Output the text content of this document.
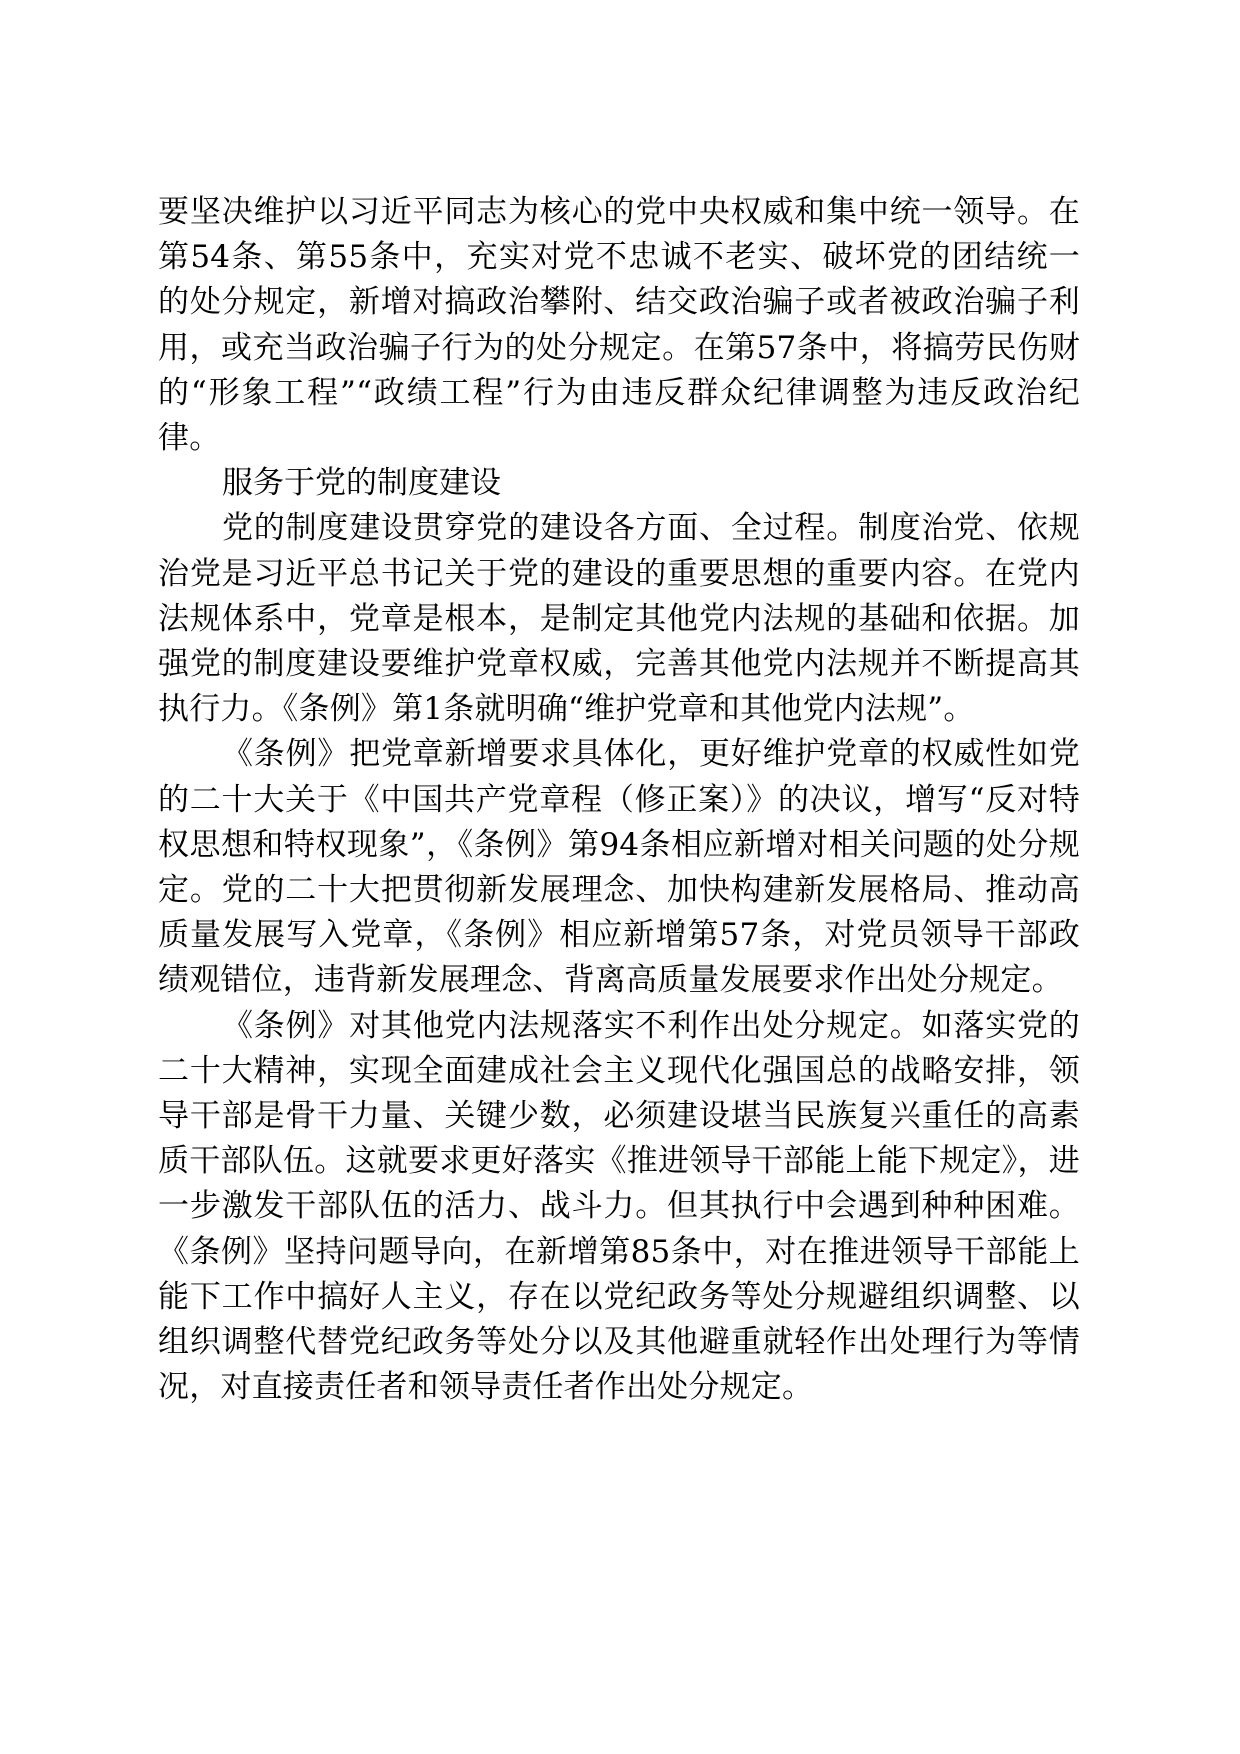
要坚决维护以习近平同志为核心的党中央权威和集中统一领导。在第54条、第55条中，充实对党不忠诚不老实、破坏党的团结统一的处分规定，新增对搞政治攀附、结交政治骗子或者被政治骗子利用，或充当政治骗子行为的处分规定。在第57条中，将搞劳民伤财的“形象工程”“政绩工程”行为由违反群众纪律调整为违反政治纪律。

服务于党的制度建设

党的制度建设贯穿党的建设各方面、全过程。制度治党、依规治党是习近平总书记关于党的建设的重要思想的重要内容。在党内法规体系中，党章是根本，是制定其他党内法规的基础和依据。加强党的制度建设要维护党章权威，完善其他党内法规并不断提高其执行力。《条例》第1条就明确“维护党章和其他党内法规”。

《条例》把党章新增要求具体化，更好维护党章的权威性如党的二十大关于《中国共产党章程（修正案）》的决议，增写“反对特权思想和特权现象”，《条例》第94条相应新增对相关问题的处分规定。党的二十大把贯彻新发展理念、加快构建新发展格局、推动高质量发展写入党章，《条例》相应新增第57条，对党员领导干部政绩观错位，违背新发展理念、背离高质量发展要求作出处分规定。

《条例》对其他党内法规落实不利作出处分规定。如落实党的二十大精神，实现全面建成社会主义现代化强国总的战略安排，领导干部是骨干力量、关键少数，必须建设堪当民族复兴重任的高素质干部队伍。这就要求更好落实《推进领导干部能上能下规定》，进一步激发干部队伍的活力、战斗力。但其执行中会遇到种种困难。《条例》坚持问题导向，在新增第85条中，对在推进领导干部能上能下工作中搞好人主义，存在以党纪政务等处分规避组织调整、以组织调整代替党纪政务等处分以及其他避重就轻作出处理行为等情况，对直接责任者和领导责任者作出处分规定。
